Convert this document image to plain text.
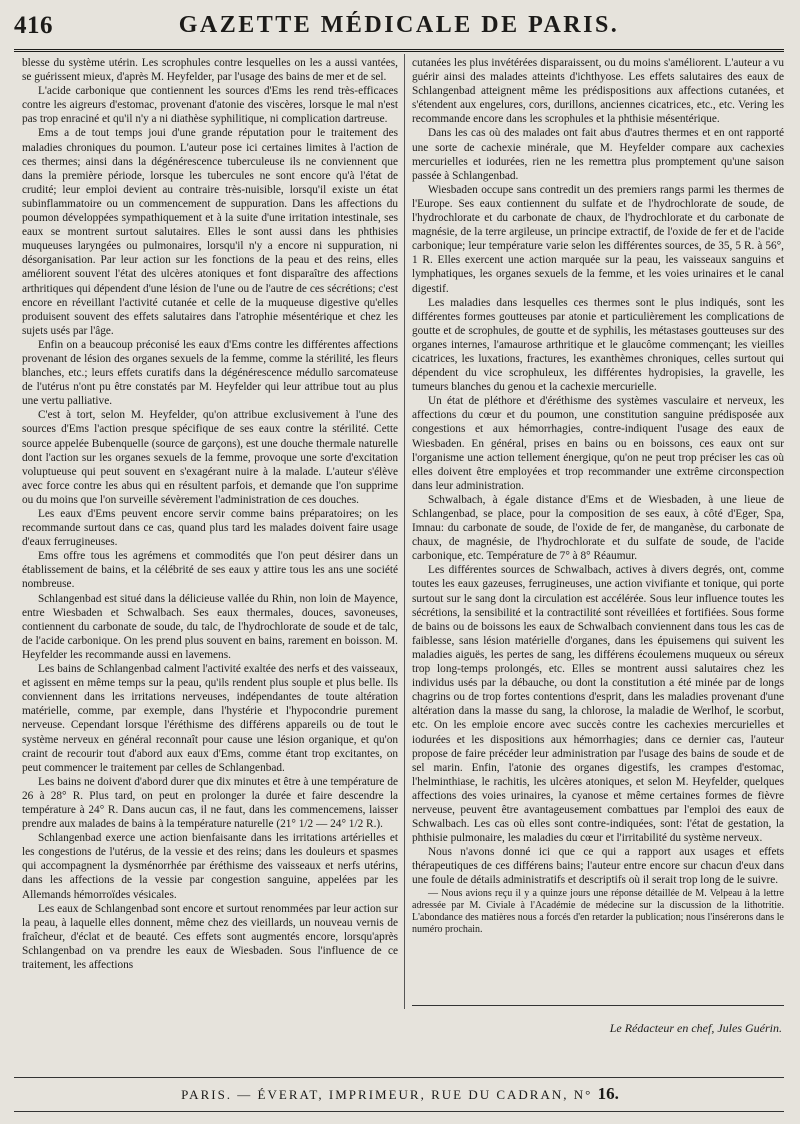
416	GAZETTE MÉDICALE DE PARIS.

blesse du système utérin. Les scrophules contre lesquelles on les a aussi vantées, se guérissent mieux, d'après M. Heyfelder, par l'usage des bains de mer et de sel.

L'acide carbonique que contiennent les sources d'Ems les rend très-efficaces contre les aigreurs d'estomac, provenant d'atonie des viscères, lorsque le mal n'est pas trop enraciné et qu'il n'y a ni diathèse syphilitique, ni complication dartreuse.

Ems a de tout temps joui d'une grande réputation pour le traitement des maladies chroniques du poumon. L'auteur pose ici certaines limites à l'action de ces thermes; ainsi dans la dégénérescence tuberculeuse ils ne conviennent que dans la première période, lorsque les tubercules ne sont encore qu'à l'état de crudité; leur emploi devient au contraire très-nuisible, lorsqu'il existe un état subinflammatoire ou un commencement de suppuration. Dans les affections du poumon développées sympathiquement et à la suite d'une irritation intestinale, ses eaux se montrent surtout salutaires. Elles le sont aussi dans les phthisies muqueuses laryngées ou pulmonaires, lorsqu'il n'y a encore ni suppuration, ni désorganisation. Par leur action sur les fonctions de la peau et des reins, elles améliorent souvent l'état des ulcères atoniques et font disparaître des affections arthritiques qui dépendent d'une lésion de l'une ou de l'autre de ces sécrétions; c'est encore en réveillant l'activité cutanée et celle de la muqueuse digestive qu'elles produisent souvent des effets salutaires dans l'atrophie mésentérique et chez les sujets usés par l'âge.

Enfin on a beaucoup préconisé les eaux d'Ems contre les différentes affections provenant de lésion des organes sexuels de la femme, comme la stérilité, les fleurs blanches, etc.; leurs effets curatifs dans la dégénérescence médullo sarcomateuse de l'utérus n'ont pu être constatés par M. Heyfelder qui leur attribue tout au plus une vertu palliative.

C'est à tort, selon M. Heyfelder, qu'on attribue exclusivement à l'une des sources d'Ems l'action presque spécifique de ses eaux contre la stérilité. Cette source appelée Bubenquelle (source de garçons), est une douche thermale naturelle dont l'action sur les organes sexuels de la femme, provoque une sorte d'excitation voluptueuse qui peut souvent en s'exagérant nuire à la malade. L'auteur s'élève avec force contre les abus qui en résultent parfois, et demande que l'on supprime ou du moins que l'on surveille sévèrement l'administration de ces douches.

Les eaux d'Ems peuvent encore servir comme bains préparatoires; on les recommande surtout dans ce cas, quand plus tard les malades doivent faire usage d'eaux ferrugineuses.

Ems offre tous les agrémens et commodités que l'on peut désirer dans un établissement de bains, et la célébrité de ses eaux y attire tous les ans une société nombreuse.

Schlangenbad est situé dans la délicieuse vallée du Rhin, non loin de Mayence, entre Wiesbaden et Schwalbach. Ses eaux thermales, douces, savoneuses, contiennent du carbonate de soude, du talc, de l'hydrochlorate de soude et de talc, de l'acide carbonique. On les prend plus souvent en bains, rarement en boisson. M. Heyfelder les recommande aussi en lavemens.

Les bains de Schlangenbad calment l'activité exaltée des nerfs et des vaisseaux, et agissent en même temps sur la peau, qu'ils rendent plus souple et plus belle. Ils conviennent dans les irritations nerveuses, indépendantes de toute altération matérielle, comme, par exemple, dans l'hystérie et l'hypocondrie purement nerveuse. Cependant lorsque l'éréthisme des différens appareils ou de tout le système nerveux en général reconnaît pour cause une lésion organique, et qu'on craint de recourir tout d'abord aux eaux d'Ems, comme étant trop excitantes, on peut commencer le traitement par celles de Schlangenbad.

Les bains ne doivent d'abord durer que dix minutes et être à une température de 26 à 28° R. Plus tard, on peut en prolonger la durée et faire descendre la température à 24° R. Dans aucun cas, il ne faut, dans les commencemens, laisser prendre aux malades de bains à la température naturelle (21° 1/2 — 24° 1/2 R.).

Schlangenbad exerce une action bienfaisante dans les irritations artérielles et les congestions de l'utérus, de la vessie et des reins; dans les douleurs et spasmes qui accompagnent la dysménorrhée par éréthisme des vaisseaux et nerfs utérins, dans les affections de la vessie par congestion sanguine, appelées par les Allemands hémorroïdes vésicales.

Les eaux de Schlangenbad sont encore et surtout renommées par leur action sur la peau, à laquelle elles donnent, même chez des vieillards, un nouveau vernis de fraîcheur, d'éclat et de beauté. Ces effets sont augmentés encore, lorsqu'après Schlangenbad on va prendre les eaux de Wiesbaden. Sous l'influence de ce traitement, les affections

cutanées les plus invétérées disparaissent, ou du moins s'améliorent. L'auteur a vu guérir ainsi des malades atteints d'ichthyose. Les effets salutaires des eaux de Schlangenbad atteignent même les prédispositions aux affections cutanées, et s'étendent aux engelures, cors, durillons, anciennes cicatrices, etc., etc. Vering les recommande encore dans les scrophules et la phthisie mésentérique.

Dans les cas où des malades ont fait abus d'autres thermes et en ont rapporté une sorte de cachexie minérale, que M. Heyfelder compare aux cachexies mercurielles et iodurées, rien ne les remettra plus promptement qu'une saison passée à Schlangenbad.

Wiesbaden occupe sans contredit un des premiers rangs parmi les thermes de l'Europe. Ses eaux contiennent du sulfate et de l'hydrochlorate de soude, de l'hydrochlorate et du carbonate de chaux, de l'hydrochlorate et du carbonate de magnésie, de la terre argileuse, un principe extractif, de l'oxide de fer et de l'acide carbonique; leur température varie selon les différentes sources, de 35, 5 R. à 56°, 1 R. Elles exercent une action marquée sur la peau, les vaisseaux sanguins et lymphatiques, les organes sexuels de la femme, et les voies urinaires et le canal digestif.

Les maladies dans lesquelles ces thermes sont le plus indiqués, sont les différentes formes goutteuses par atonie et particulièrement les complications de goutte et de scrophules, de goutte et de syphilis, les métastases goutteuses sur des organes internes, l'amaurose arthritique et le glaucôme commençant; les vieilles cicatrices, les luxations, fractures, les exanthèmes chroniques, celles surtout qui dépendent du vice scrophuleux, les différentes hydropisies, la gravelle, les tumeurs blanches du genou et la cachexie mercurielle.

Un état de pléthore et d'éréthisme des systèmes vasculaire et nerveux, les affections du cœur et du poumon, une constitution sanguine prédisposée aux congestions et aux hémorrhagies, contre-indiquent l'usage des eaux de Wiesbaden. En général, prises en bains ou en boissons, ces eaux ont sur l'organisme une action tellement énergique, qu'on ne peut trop préciser les cas où elles doivent être employées et trop recommander une extrême circonspection dans leur administration.

Schwalbach, à égale distance d'Ems et de Wiesbaden, à une lieue de Schlangenbad, se place, pour la composition de ses eaux, à côté d'Eger, Spa, Imnau: du carbonate de soude, de l'oxide de fer, de manganèse, du carbonate de chaux, de magnésie, de l'hydrochlorate et du sulfate de soude, de l'acide carbonique, etc. Température de 7° à 8° Réaumur.

Les différentes sources de Schwalbach, actives à divers degrés, ont, comme toutes les eaux gazeuses, ferrugineuses, une action vivifiante et tonique, qui porte surtout sur le sang dont la circulation est accélérée. Sous leur influence toutes les sécrétions, la sensibilité et la contractilité sont réveillées et fortifiées. Sous forme de bains ou de boissons les eaux de Schwalbach conviennent dans tous les cas de faiblesse, sans lésion matérielle d'organes, dans les épuisemens qui suivent les maladies aiguës, les pertes de sang, les différens écoulemens muqueux ou séreux trop long-temps prolongés, etc. Elles se montrent aussi salutaires chez les individus usés par la débauche, ou dont la constitution a été minée par de longs chagrins ou de trop fortes contentions d'esprit, dans les maladies provenant d'une altération dans la masse du sang, la chlorose, la maladie de Werlhof, le scorbut, etc. On les emploie encore avec succès contre les cachexies mercurielles et iodurées et les dispositions aux hémorrhagies; dans ce dernier cas, l'auteur propose de faire précéder leur administration par l'usage des bains de soude et de sel marin. Enfin, l'atonie des organes digestifs, les crampes d'estomac, l'helminthiase, le rachitis, les ulcères atoniques, et selon M. Heyfelder, quelques affections des voies urinaires, la cyanose et même certaines formes de fièvre nerveuse, peuvent être avantageusement combattues par l'emploi des eaux de Schwalbach. Les cas où elles sont contre-indiquées, sont: l'état de gestation, la phthisie pulmonaire, les maladies du cœur et l'irritabilité du système nerveux.

Nous n'avons donné ici que ce qui a rapport aux usages et effets thérapeutiques de ces différens bains; l'auteur entre encore sur chacun d'eux dans une foule de détails administratifs et descriptifs où il serait trop long de le suivre.

— Nous avions reçu il y a quinze jours une réponse détaillée de M. Velpeau à la lettre adressée par M. Civiale à l'Académie de médecine sur la discussion de la lithotritie. L'abondance des matières nous a forcés d'en retarder la publication; nous l'insérerons dans le numéro prochain.

Le Rédacteur en chef, Jules Guérin.
PARIS. — ÉVERAT, IMPRIMEUR, RUE DU CADRAN, N° 16.
